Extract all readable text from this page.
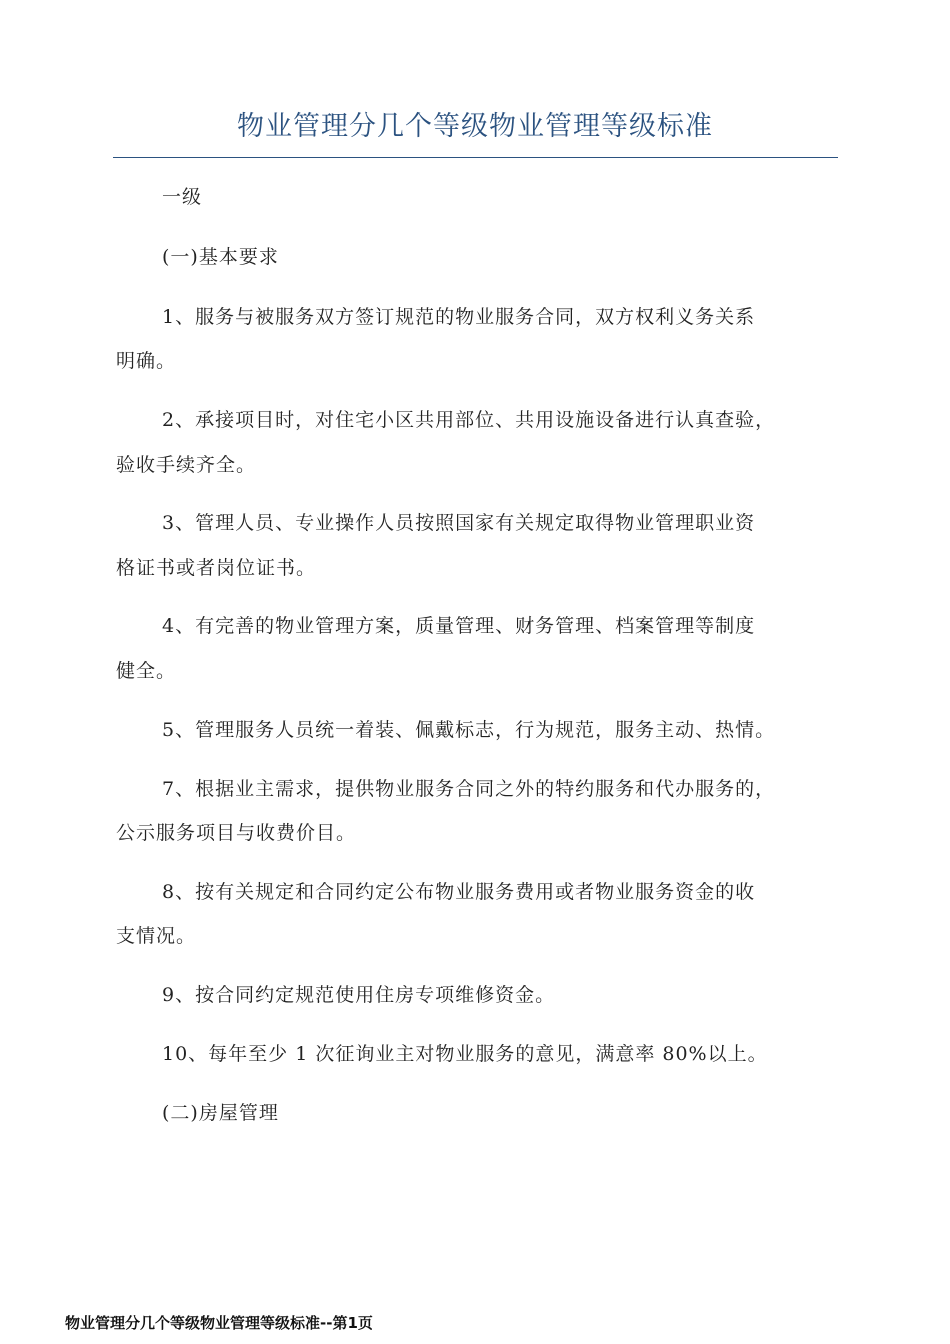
物业管理分几个等级物业管理等级标准
一级
(一)基本要求
1、服务与被服务双方签订规范的物业服务合同，双方权利义务关系
明确。
2、承接项目时，对住宅小区共用部位、共用设施设备进行认真查验，
验收手续齐全。
3、管理人员、专业操作人员按照国家有关规定取得物业管理职业资
格证书或者岗位证书。
4、有完善的物业管理方案，质量管理、财务管理、档案管理等制度
健全。
5、管理服务人员统一着装、佩戴标志，行为规范，服务主动、热情。
7、根据业主需求，提供物业服务合同之外的特约服务和代办服务的，
公示服务项目与收费价目。
8、按有关规定和合同约定公布物业服务费用或者物业服务资金的收
支情况。
9、按合同约定规范使用住房专项维修资金。
10、每年至少 1 次征询业主对物业服务的意见，满意率 80%以上。
(二)房屋管理
物业管理分几个等级物业管理等级标准--第1页
